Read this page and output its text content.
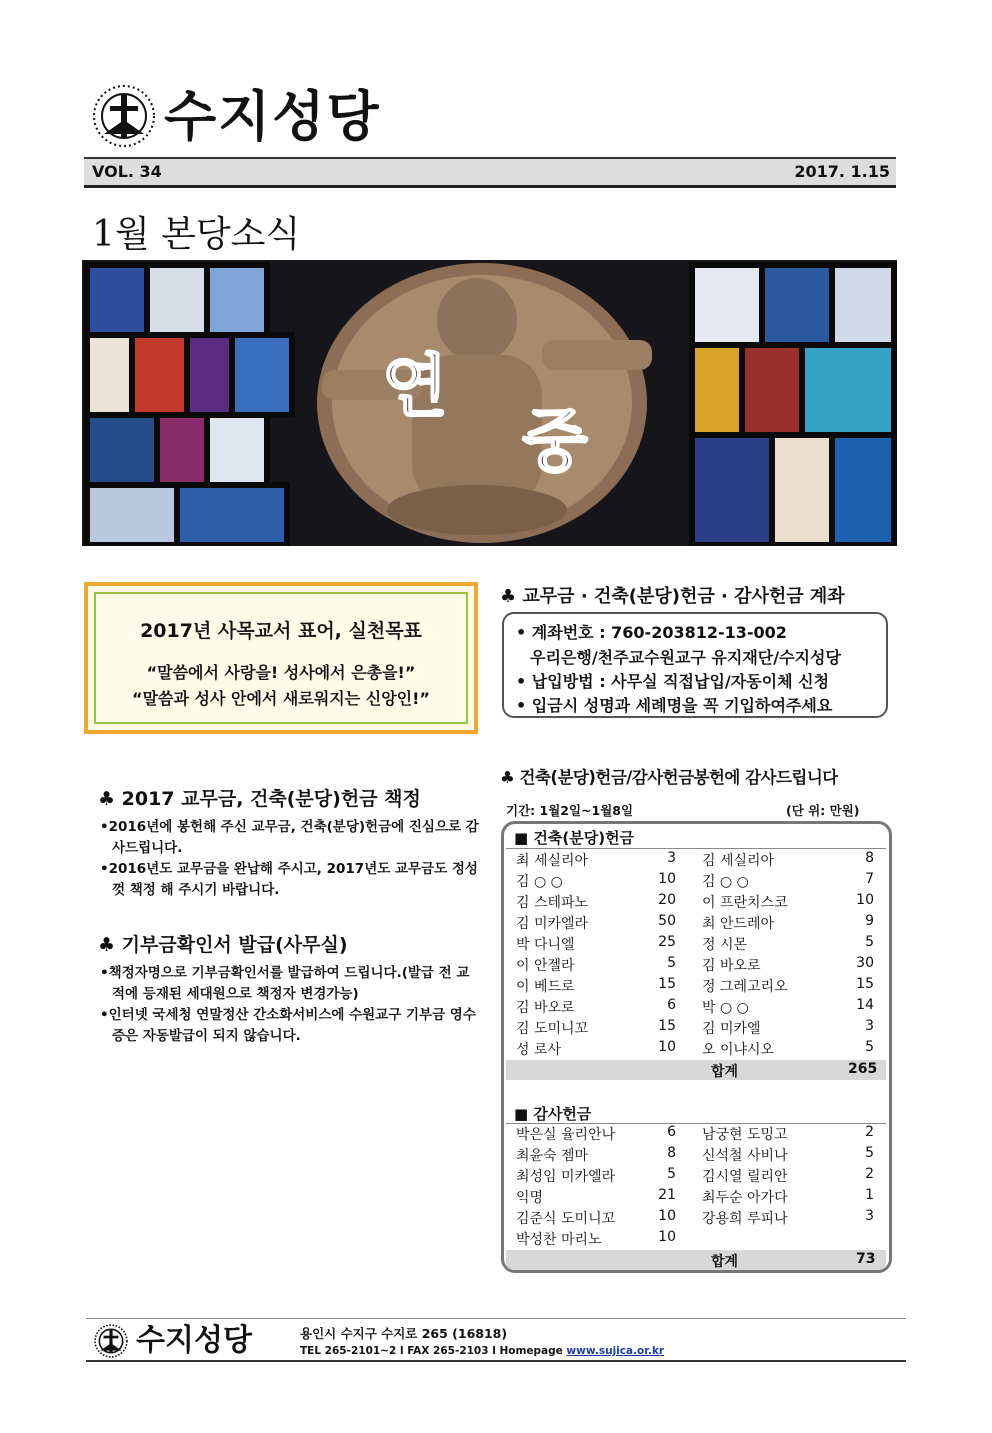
수지성당
VOL. 34	2017. 1.15
1월 본당소식
연
중
2017년 사목교서 표어, 실천목표
“말씀에서 사랑을! 성사에서 은총을!”
“말씀과 성사 안에서 새로워지는 신앙인!”
♣ 2017 교무금, 건축(분당)헌금 책정
•2016년에 봉헌해 주신 교무금, 건축(분당)헌금에 진심으로 감사드립니다.
•2016년도 교무금을 완납해 주시고, 2017년도 교무금도 정성껏 책정 해 주시기 바랍니다.
♣ 기부금확인서 발급(사무실)
•책정자명으로 기부금확인서를 발급하여 드립니다.(발급 전 교적에 등재된 세대원으로 책정자 변경가능)
•인터넷 국세청 연말정산 간소화서비스에 수원교구 기부금 영수증은 자동발급이 되지 않습니다.
♣ 교무금 · 건축(분당)헌금 · 감사헌금 계좌
• 계좌번호 : 760-203812-13-002
우리은행/천주교수원교구 유지재단/수지성당
• 납입방법 : 사무실 직접납입/자동이체 신청
• 입금시 성명과 세례명을 꼭 기입하여주세요
♣ 건축(분당)헌금/감사헌금봉헌에 감사드립니다
기간: 1월2일~1월8일	(단 위: 만원)
■ 건축(분당)헌금
최 세실리아	3 김 세실리아	8
김 ○ ○	10 김 ○ ○	7
김 스테파노	20 이 프란치스코	10
김 미카엘라	50 최 안드레아	9
박 다니엘	25 정 시몬	5
이 안젤라	5 김 바오로	30
이 베드로	15 정 그레고리오	15
김 바오로	6 박 ○ ○	14
김 도미니꼬	15 김 미카엘	3
성 로사	10 오 이냐시오	5
합계	265
■ 감사헌금
박은실 율리안나	6 남궁현 도밍고	2
최윤숙 젬마	8 신석철 사비나	5
최성임 미카엘라	5 김시열 릴리안	2
익명	21 최두순 아가다	1
김준식 도미니꼬	10 강용희 루피나	3
박성찬 마리노	10
합계	73
수지성당	용인시 수지구 수지로 265 (16818)
TEL 265-2101~2 l FAX 265-2103 l Homepage www.sujica.or.kr
